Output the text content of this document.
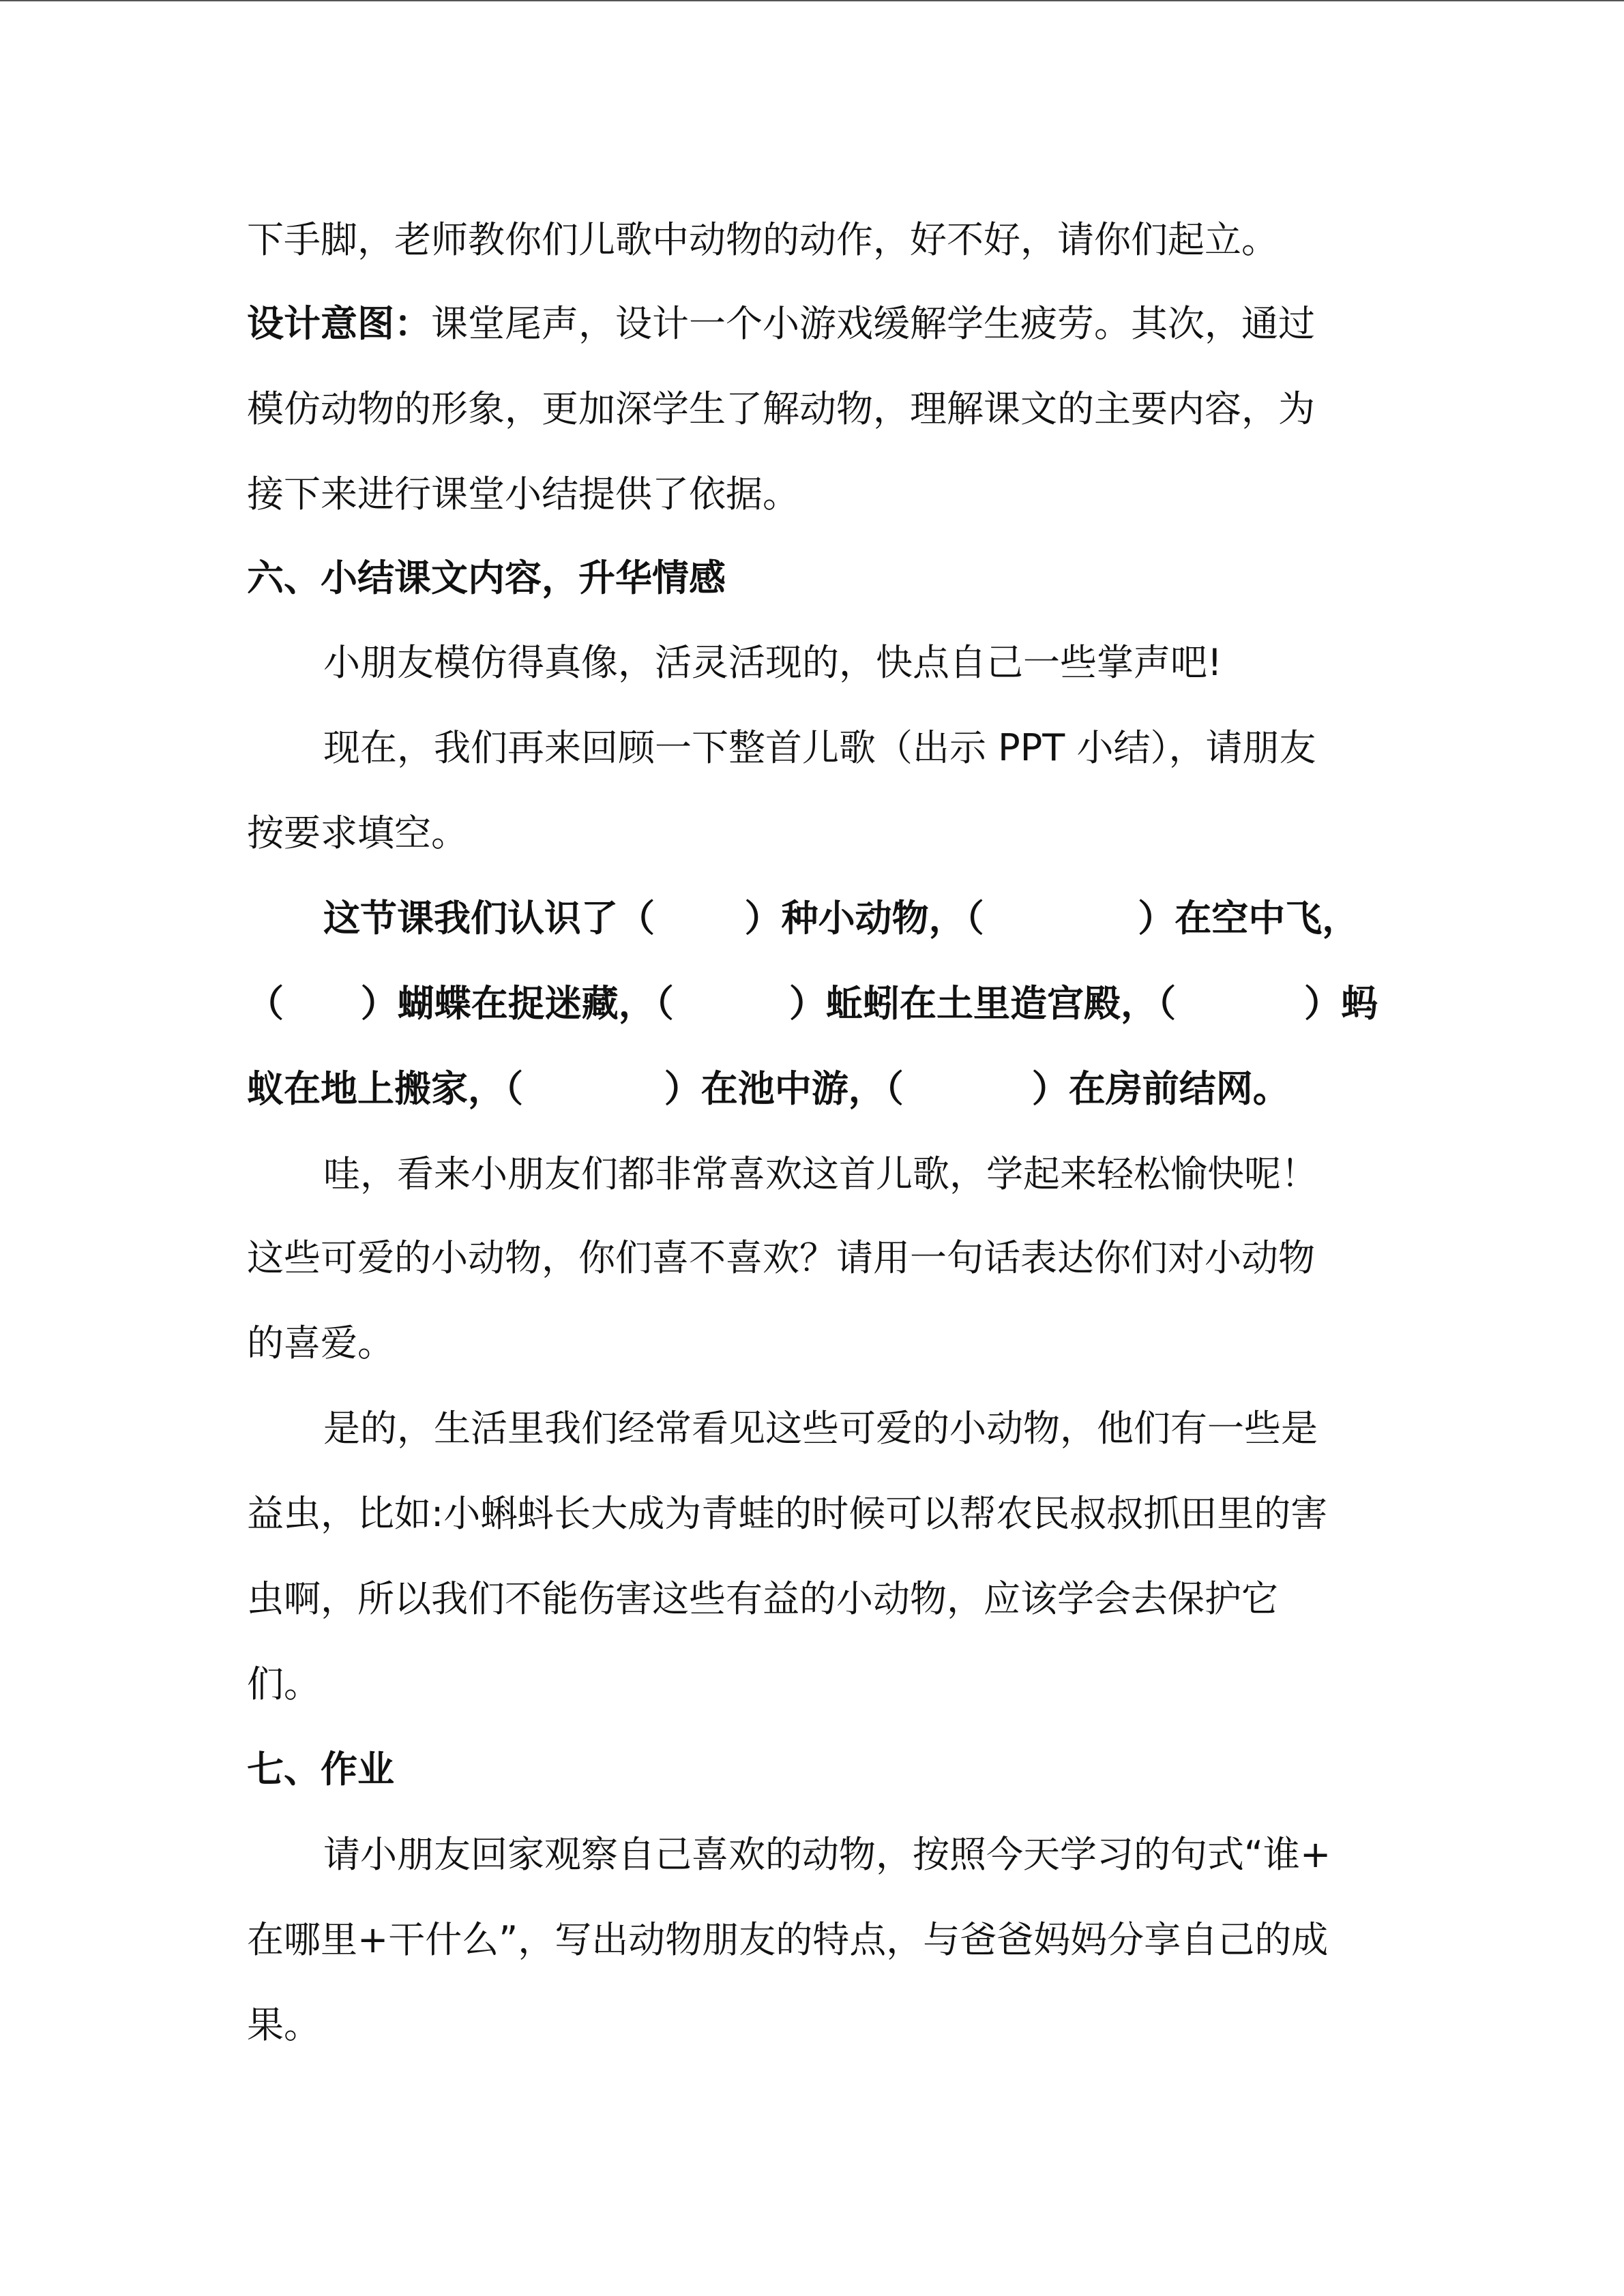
下手脚，老师教你们儿歌中动物的动作，好不好，请你们起立。
设计意图：课堂尾声，设计一个小游戏缓解学生疲劳。其次，通过
模仿动物的形象，更加深学生了解动物，理解课文的主要内容，为
接下来进行课堂小结提供了依据。
六、小结课文内容，升华情感
小朋友模仿得真像，活灵活现的，快点自己一些掌声吧!
现在，我们再来回顾一下整首儿歌（出示 PPT 小结），请朋友
按要求填空。
这节课我们认识了（       ）种小动物，（            ）在空中飞，
（      ）蝴蝶在捉迷藏，（         ）蚯蚓在土里造宫殿，（          ）蚂
蚁在地上搬家，（           ）在池中游，（          ）在房前结网。
哇，看来小朋友们都非常喜欢这首儿歌，学起来轻松愉快呢！
这些可爱的小动物，你们喜不喜欢？请用一句话表达你们对小动物
的喜爱。
是的，生活里我们经常看见这些可爱的小动物，他们有一些是
益虫，比如:小蝌蚪长大成为青蛙的时候可以帮农民叔叔抓田里的害
虫啊，所以我们不能伤害这些有益的小动物，应该学会去保护它
们。
七、作业
请小朋友回家观察自己喜欢的动物，按照今天学习的句式“谁+
在哪里+干什么”，写出动物朋友的特点，与爸爸妈妈分享自己的成
果。
